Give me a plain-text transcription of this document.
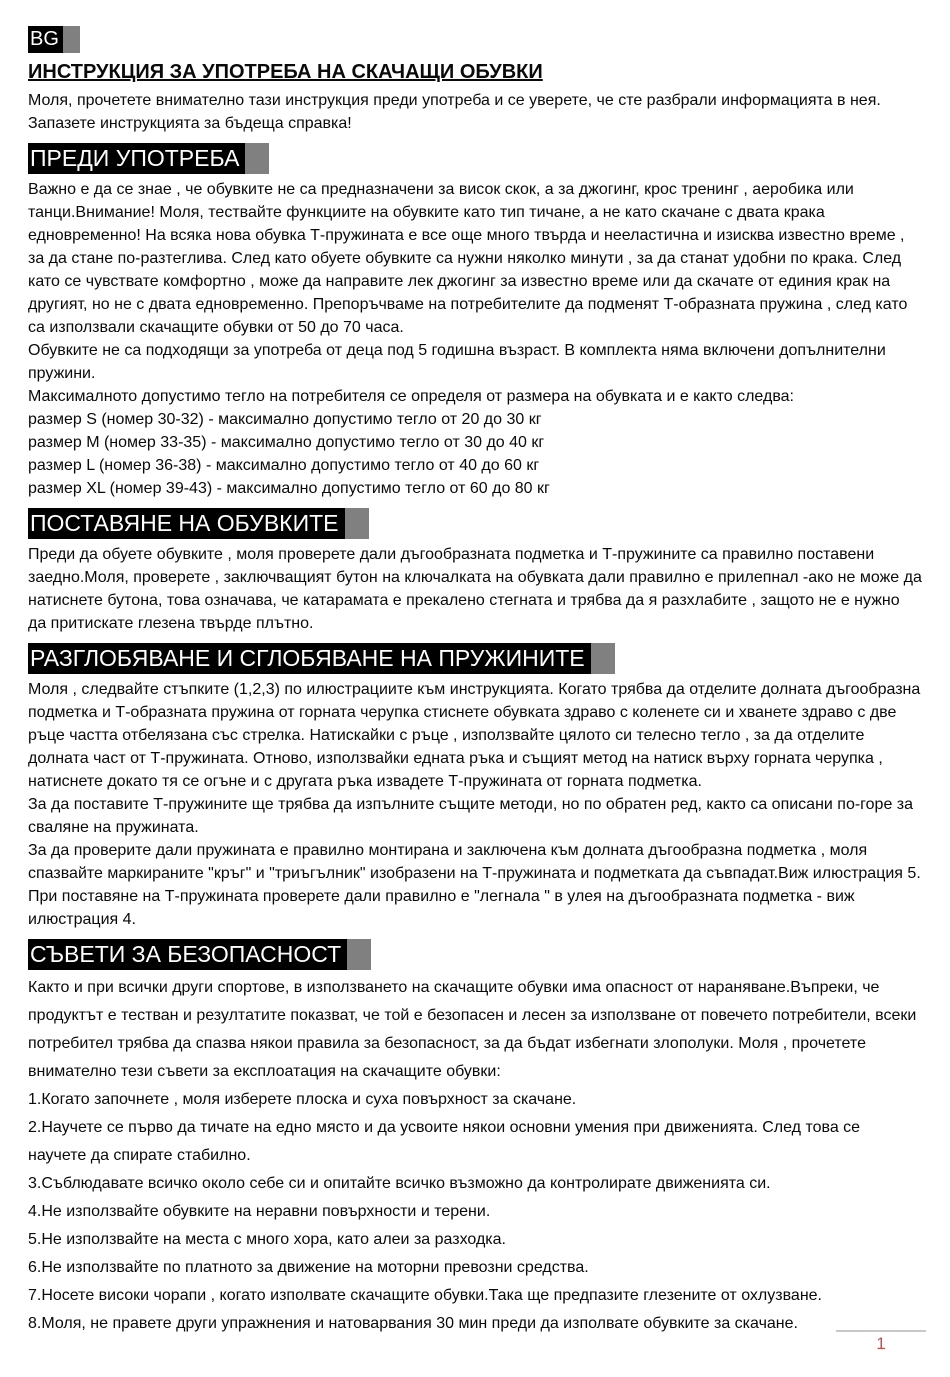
BG
ИНСТРУКЦИЯ ЗА УПОТРЕБА НА СКАЧАЩИ ОБУВКИ

Моля, прочетете внимателно тази инструкция преди употреба и се уверете, че сте разбрали информацията в нея. Запазете инструкцията за бъдеща справка!

ПРЕДИ УПОТРЕБА

Важно е да се знае , че обувките не са предназначени за висок скок, а за джогинг, крос тренинг , аеробика или танци.Внимание! Моля, тествайте функциите на обувките като тип тичане, а не като скачане с двата крака едновременно! На всяка нова обувка Т-пружината е все още много твърда и нееластична и изисква известно време , за да стане по-разтеглива. След като обуете обувките са нужни няколко минути , за да станат удобни по крака. След като се чувствате комфортно , може да направите лек джогинг за известно време или да скачате от единия крак на другият, но не с двата едновременно. Препоръчваме на потребителите да подменят Т-образната пружина , след като са използвали скачащите обувки от 50 до 70 часа.

Обувките не са подходящи за употреба от деца под 5 годишна възраст. В комплекта няма включени допълнителни пружини.

Максималното допустимо тегло на потребителя се определя от размера на обувката и е както следва:

размер S (номер 30-32) - максимално допустимо тегло от 20 до 30 кг

размер M (номер 33-35) - максимално допустимо тегло от 30 до 40 кг

размер L (номер 36-38) - максимално допустимо тегло от 40 до 60 кг

размер XL (номер 39-43) - максимално допустимо тегло от 60 до 80 кг

ПОСТАВЯНЕ НА ОБУВКИТЕ

Преди да обуете обувките , моля проверете дали дъгообразната подметка и Т-пружините са правилно поставени заедно.Моля, проверете , заключващият бутон на ключалката на обувката дали правилно е прилепнал -ако не може да натиснете бутона, това означава, че катарамата е прекалено стегната и трябва да я разхлабите , защото не е нужно да притискате глезена твърде плътно.

РАЗГЛОБЯВАНЕ И СГЛОБЯВАНЕ НА ПРУЖИНИТЕ

Моля , следвайте стъпките (1,2,3) по илюстрациите към инструкцията. Когато трябва да отделите долната дъгообразна подметка и Т-образната пружина от горната черупка стиснете обувката здраво с коленете си и хванете здраво с две ръце частта отбелязана със стрелка. Натискайки с ръце , използвайте цялото си телесно тегло , за да отделите долната част от Т-пружината. Отново, използвайки едната ръка и същият метод на натиск върху горната черупка , натиснете докато тя се огъне и с другата ръка извадете Т-пружината от горната подметка.

За да поставите Т-пружините ще трябва да изпълните същите методи, но по обратен ред, както са описани по-горе за сваляне на пружината.

За да проверите дали пружината е правилно монтирана и заключена към долната дъгообразна подметка , моля спазвайте маркираните "кръг" и "триъгълник" изобразени на Т-пружината и подметката да съвпадат.Виж илюстрация 5. При поставяне на Т-пружината проверете дали правилно е "легнала " в улея на дъгообразната подметка - виж илюстрация 4.

СЪВЕТИ ЗА БЕЗОПАСНОСТ

Както и при всички други спортове, в използването на скачащите обувки има опасност от нараняване.Въпреки, че продуктът е тестван и резултатите показват, че той е безопасен и лесен за използване от повечето потребители, всеки потребител трябва да спазва някои правила за безопасност, за да бъдат избегнати злополуки. Моля , прочетете внимателно тези съвети за експлоатация на скачащите обувки:

1.Когато започнете , моля изберете плоска и суха повърхност за скачане.

2.Научете се първо да тичате на едно място и да усвоите някои основни умения при движенията. След това се научете да спирате стабилно.

3.Съблюдавате всичко около себе си и опитайте всичко възможно да контролирате движенията си.

4.Не използвайте обувките на неравни повърхности и терени.

5.Не използвайте на места с много хора, като алеи за разходка.

6.Не използвайте по платното за движение на моторни превозни средства.

7.Носете високи чорапи , когато изполвате скачащите обувки.Така ще предпазите глезените от охлузване.

8.Моля, не правете други упражнения и натоварвания 30 мин преди да изполвате обувките за скачане.

1
